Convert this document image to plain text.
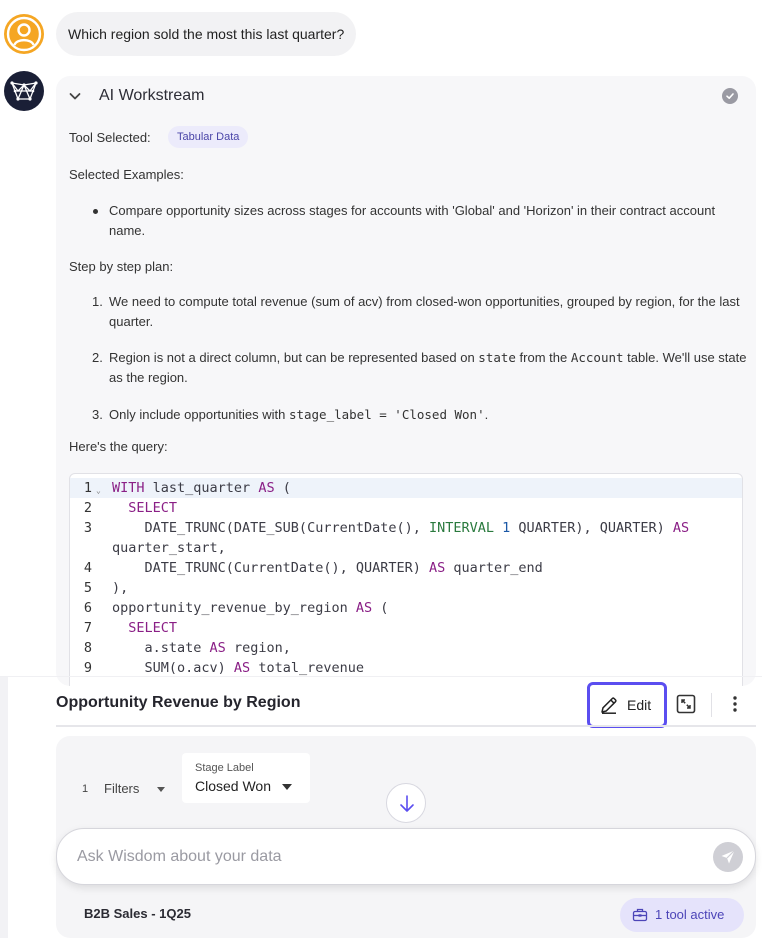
Which region sold the most this last quarter?
AI Workstream
Tool Selected:	Tabular Data
Selected Examples:
Compare opportunity sizes across stages for accounts with 'Global' and 'Horizon' in their contract account name.
Step by step plan:
1. We need to compute total revenue (sum of acv) from closed-won opportunities, grouped by region, for the last quarter.
2. Region is not a direct column, but can be represented based on state from the Account table. We'll use state as the region.
3. Only include opportunities with stage_label = 'Closed Won'.
Here's the query:
1 ⌄ WITH last_quarter AS (
2	SELECT
3 DATE_TRUNC(DATE_SUB(CurrentDate(), INTERVAL 1 QUARTER), QUARTER) AS
quarter_start,
4 DATE_TRUNC(CurrentDate(), QUARTER) AS quarter_end
5 ),
6 opportunity_revenue_by_region AS (
7	SELECT
8 a.state AS region,
9 SUM(o.acv) AS total_revenue
Opportunity Revenue by Region	Edit
1 Filters
Stage Label
Closed Won
Ask Wisdom about your data
B2B Sales - 1Q25	1 tool active
